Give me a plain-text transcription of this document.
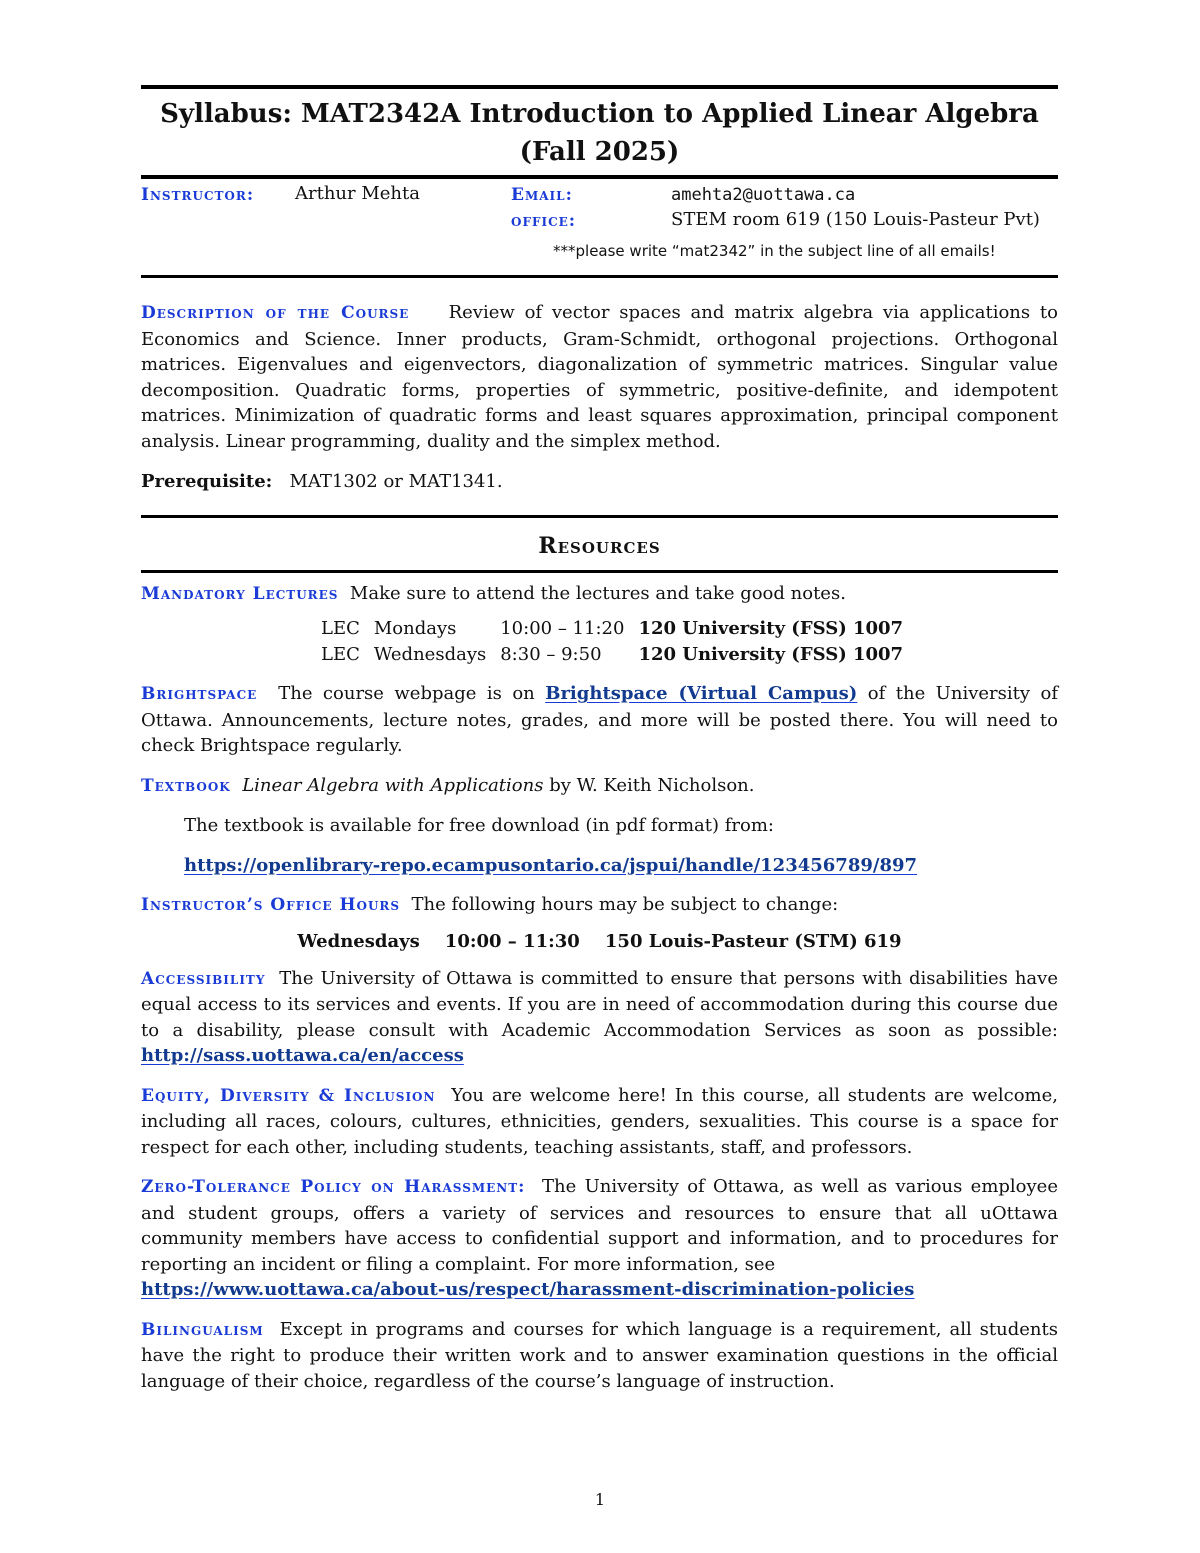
Syllabus: MAT2342A Introduction to Applied Linear Algebra (Fall 2025)
Instructor: Arthur Mehta	Email:	amehta2@uottawa.ca
office:	STEM room 619 (150 Louis-Pasteur Pvt)
***please write “mat2342” in the subject line of all emails!

Description of the Course Review of vector spaces and matrix algebra via applications to Economics and Science. Inner products, Gram-Schmidt, orthogonal projections. Orthogonal matrices. Eigenvalues and eigenvectors, diagonalization of symmetric matrices. Singular value decomposition. Quadratic forms, properties of symmetric, positive-definite, and idempotent matrices. Minimization of quadratic forms and least squares approximation, principal component analysis. Linear programming, duality and the simplex method.

Prerequisite: MAT1302 or MAT1341.

Resources

Mandatory Lectures Make sure to attend the lectures and take good notes.

LEC	Mondays	10:00 – 11:20	120 University (FSS) 1007
LEC	Wednesdays	8:30 – 9:50	120 University (FSS) 1007

Brightspace The course webpage is on Brightspace (Virtual Campus) of the University of Ottawa. Announcements, lecture notes, grades, and more will be posted there. You will need to check Brightspace regularly.

Textbook Linear Algebra with Applications by W. Keith Nicholson.

The textbook is available for free download (in pdf format) from:

https://openlibrary-repo.ecampusontario.ca/jspui/handle/123456789/897

Instructor’s Office Hours The following hours may be subject to change:

Wednesdays 10:00 – 11:30 150 Louis-Pasteur (STM) 619

Accessibility The University of Ottawa is committed to ensure that persons with disabilities have equal access to its services and events. If you are in need of accommodation during this course due to a disability, please consult with Academic Accommodation Services as soon as possible: http://sass.uottawa.ca/en/access

Equity, Diversity & Inclusion You are welcome here! In this course, all students are welcome, including all races, colours, cultures, ethnicities, genders, sexualities. This course is a space for respect for each other, including students, teaching assistants, staff, and professors.

Zero-Tolerance Policy on Harassment: The University of Ottawa, as well as various employee and student groups, offers a variety of services and resources to ensure that all uOttawa community members have access to confidential support and information, and to procedures for reporting an incident or filing a complaint. For more information, see
https://www.uottawa.ca/about-us/respect/harassment-discrimination-policies

Bilingualism Except in programs and courses for which language is a requirement, all students have the right to produce their written work and to answer examination questions in the official language of their choice, regardless of the course’s language of instruction.

1
